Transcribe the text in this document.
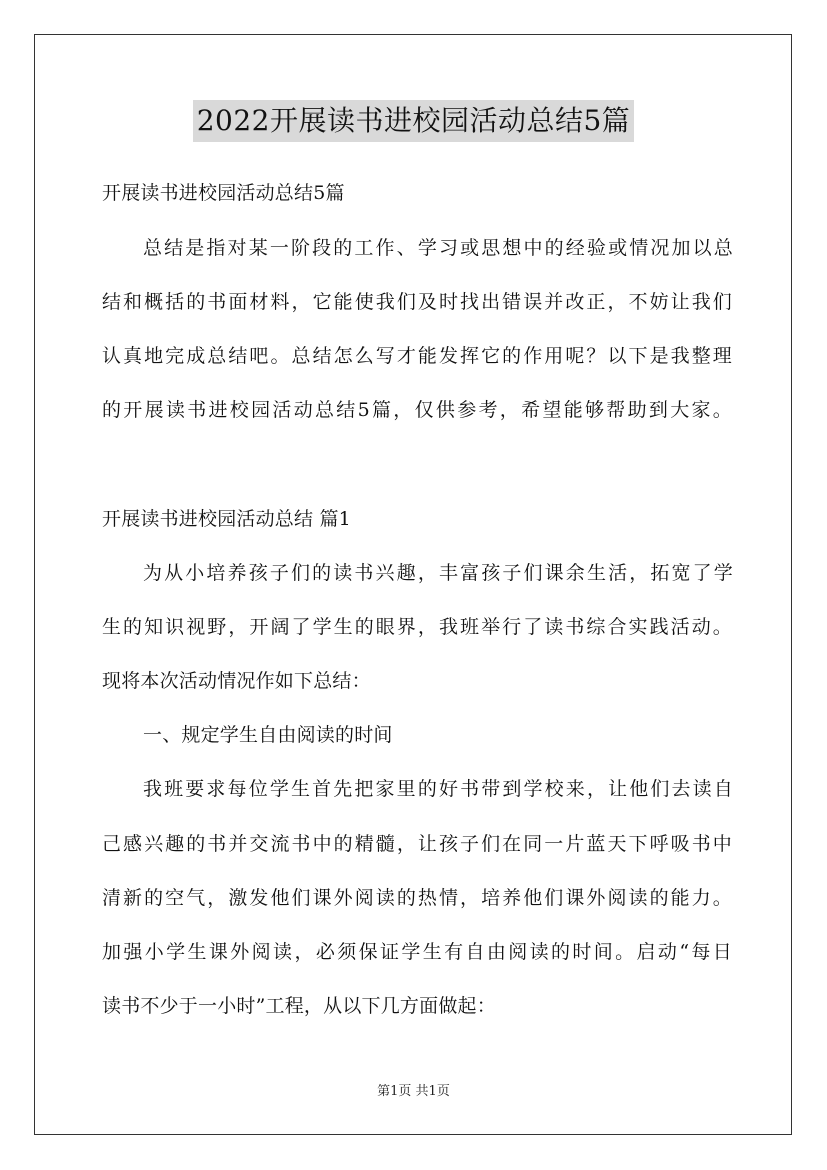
2022开展读书进校园活动总结5篇
开展读书进校园活动总结5篇
总结是指对某一阶段的工作、学习或思想中的经验或情况加以总
结和概括的书面材料，它能使我们及时找出错误并改正，不妨让我们
认真地完成总结吧。总结怎么写才能发挥它的作用呢？以下是我整理
的开展读书进校园活动总结5篇，仅供参考，希望能够帮助到大家。
开展读书进校园活动总结 篇1
为从小培养孩子们的读书兴趣，丰富孩子们课余生活，拓宽了学
生的知识视野，开阔了学生的眼界，我班举行了读书综合实践活动。
现将本次活动情况作如下总结：
一、规定学生自由阅读的时间
我班要求每位学生首先把家里的好书带到学校来，让他们去读自
己感兴趣的书并交流书中的精髓，让孩子们在同一片蓝天下呼吸书中
清新的空气，激发他们课外阅读的热情，培养他们课外阅读的能力。
加强小学生课外阅读，必须保证学生有自由阅读的时间。启动“每日
读书不少于一小时”工程，从以下几方面做起：
第1页 共1页
